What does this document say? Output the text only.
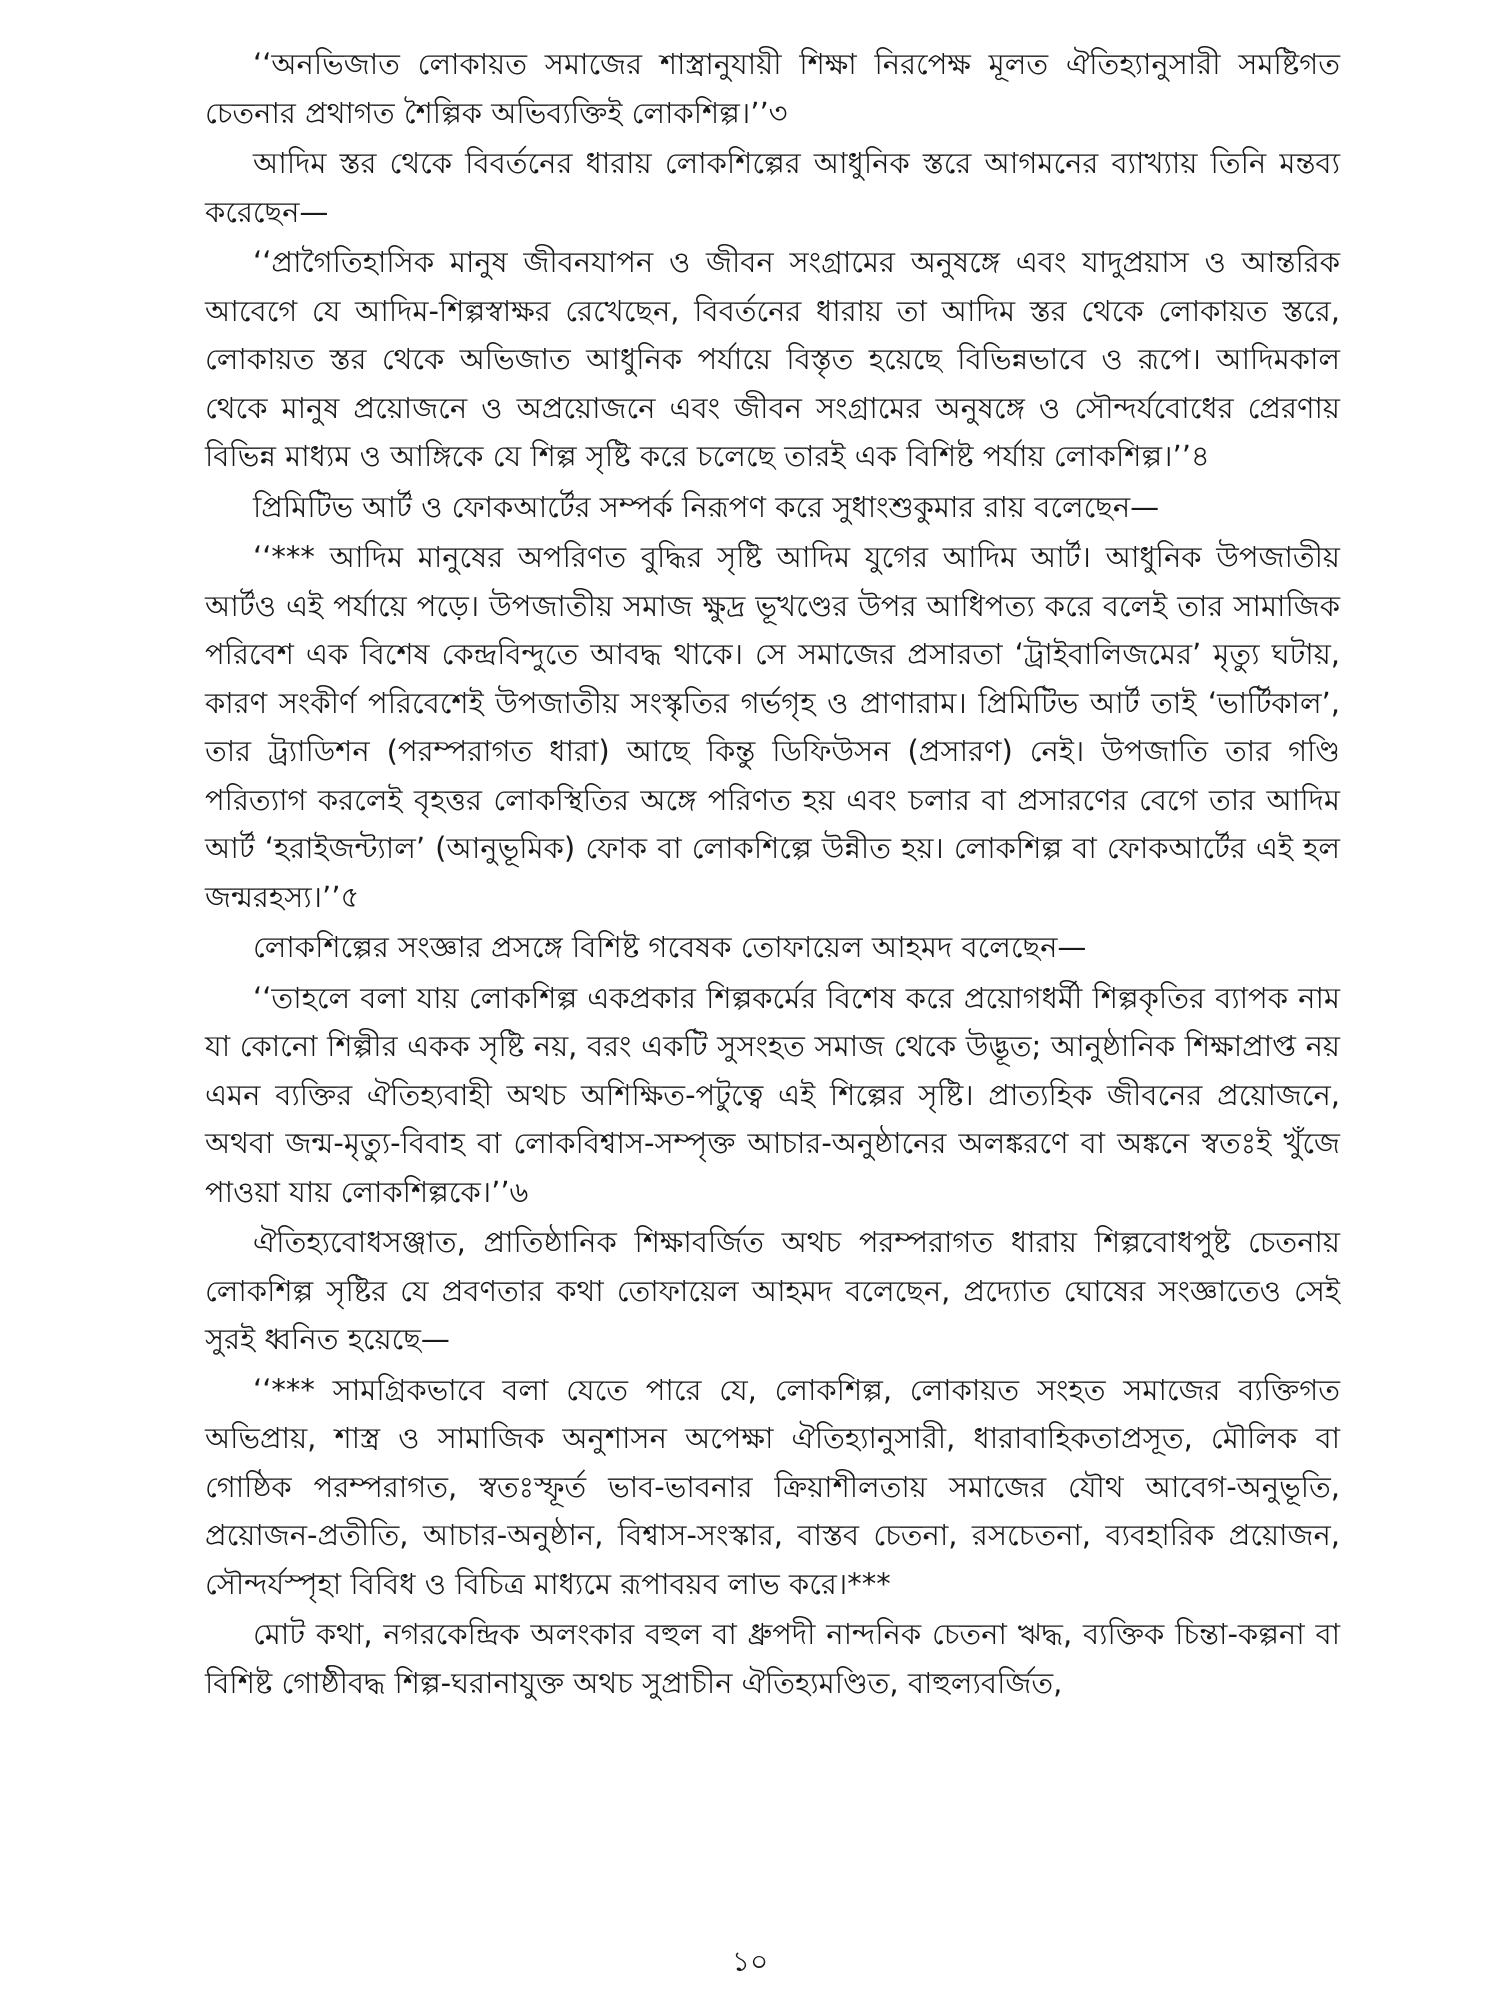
‘‘অনভিজাত লোকায়ত সমাজের শাস্ত্রানুযায়ী শিক্ষা নিরপেক্ষ মূলত ঐতিহ্যানুসারী সমষ্টিগত চেতনার প্রথাগত শৈল্পিক অভিব্যক্তিই লোকশিল্প।’’৩

আদিম স্তর থেকে বিবর্তনের ধারায় লোকশিল্পের আধুনিক স্তরে আগমনের ব্যাখ্যায় তিনি মন্তব্য করেছেন—

‘‘প্রাগৈতিহাসিক মানুষ জীবনযাপন ও জীবন সংগ্রামের অনুষঙ্গে এবং যাদুপ্রয়াস ও আন্তরিক আবেগে যে আদিম-শিল্পস্বাক্ষর রেখেছেন, বিবর্তনের ধারায় তা আদিম স্তর থেকে লোকায়ত স্তরে, লোকায়ত স্তর থেকে অভিজাত আধুনিক পর্যায়ে বিস্তৃত হয়েছে বিভিন্নভাবে ও রূপে। আদিমকাল থেকে মানুষ প্রয়োজনে ও অপ্রয়োজনে এবং জীবন সংগ্রামের অনুষঙ্গে ও সৌন্দর্যবোধের প্রেরণায় বিভিন্ন মাধ্যম ও আঙ্গিকে যে শিল্প সৃষ্টি করে চলেছে তারই এক বিশিষ্ট পর্যায় লোকশিল্প।’’৪

প্রিমিটিভ আর্ট ও ফোকআর্টের সম্পর্ক নিরূপণ করে সুধাংশুকুমার রায় বলেছেন—

‘‘*** আদিম মানুষের অপরিণত বুদ্ধির সৃষ্টি আদিম যুগের আদিম আর্ট। আধুনিক উপজাতীয় আর্টও এই পর্যায়ে পড়ে। উপজাতীয় সমাজ ক্ষুদ্র ভূখণ্ডের উপর আধিপত্য করে বলেই তার সামাজিক পরিবেশ এক বিশেষ কেন্দ্রবিন্দুতে আবদ্ধ থাকে। সে সমাজের প্রসারতা ‘ট্রাইবালিজমের’ মৃত্যু ঘটায়, কারণ সংকীর্ণ পরিবেশেই উপজাতীয় সংস্কৃতির গর্ভগৃহ ও প্রাণারাম। প্রিমিটিভ আর্ট তাই ‘ভার্টিকাল’, তার ট্র্যাডিশন (পরম্পরাগত ধারা) আছে কিন্তু ডিফিউসন (প্রসারণ) নেই। উপজাতি তার গণ্ডি পরিত্যাগ করলেই বৃহত্তর লোকস্থিতির অঙ্গে পরিণত হয় এবং চলার বা প্রসারণের বেগে তার আদিম আর্ট ‘হরাইজন্ট্যাল’ (আনুভূমিক) ফোক বা লোকশিল্পে উন্নীত হয়। লোকশিল্প বা ফোকআর্টের এই হল জন্মরহস্য।’’৫

লোকশিল্পের সংজ্ঞার প্রসঙ্গে বিশিষ্ট গবেষক তোফায়েল আহমদ বলেছেন—

‘‘তাহলে বলা যায় লোকশিল্প একপ্রকার শিল্পকর্মের বিশেষ করে প্রয়োগধর্মী শিল্পকৃতির ব্যাপক নাম যা কোনো শিল্পীর একক সৃষ্টি নয়, বরং একটি সুসংহত সমাজ থেকে উদ্ভূত; আনুষ্ঠানিক শিক্ষাপ্রাপ্ত নয় এমন ব্যক্তির ঐতিহ্যবাহী অথচ অশিক্ষিত-পটুত্বে এই শিল্পের সৃষ্টি। প্রাত্যহিক জীবনের প্রয়োজনে, অথবা জন্ম-মৃত্যু-বিবাহ বা লোকবিশ্বাস-সম্পৃক্ত আচার-অনুষ্ঠানের অলঙ্করণে বা অঙ্কনে স্বতঃই খুঁজে পাওয়া যায় লোকশিল্পকে।’’৬

ঐতিহ্যবোধসঞ্জাত, প্রাতিষ্ঠানিক শিক্ষাবর্জিত অথচ পরম্পরাগত ধারায় শিল্পবোধপুষ্ট চেতনায় লোকশিল্প সৃষ্টির যে প্রবণতার কথা তোফায়েল আহমদ বলেছেন, প্রদ্যোত ঘোষের সংজ্ঞাতেও সেই সুরই ধ্বনিত হয়েছে—

‘‘*** সামগ্রিকভাবে বলা যেতে পারে যে, লোকশিল্প, লোকায়ত সংহত সমাজের ব্যক্তিগত অভিপ্রায়, শাস্ত্র ও সামাজিক অনুশাসন অপেক্ষা ঐতিহ্যানুসারী, ধারাবাহিকতাপ্রসূত, মৌলিক বা গোষ্ঠিক পরম্পরাগত, স্বতঃস্ফূর্ত ভাব-ভাবনার ক্রিয়াশীলতায় সমাজের যৌথ আবেগ-অনুভূতি, প্রয়োজন-প্রতীতি, আচার-অনুষ্ঠান, বিশ্বাস-সংস্কার, বাস্তব চেতনা, রসচেতনা, ব্যবহারিক প্রয়োজন, সৌন্দর্যস্পৃহা বিবিধ ও বিচিত্র মাধ্যমে রূপাবয়ব লাভ করে।***

মোট কথা, নগরকেন্দ্রিক অলংকার বহুল বা ধ্রুপদী নান্দনিক চেতনা ঋদ্ধ, ব্যক্তিক চিন্তা-কল্পনা বা বিশিষ্ট গোষ্ঠীবদ্ধ শিল্প-ঘরানাযুক্ত অথচ সুপ্রাচীন ঐতিহ্যমণ্ডিত, বাহুল্যবর্জিত,

১০
